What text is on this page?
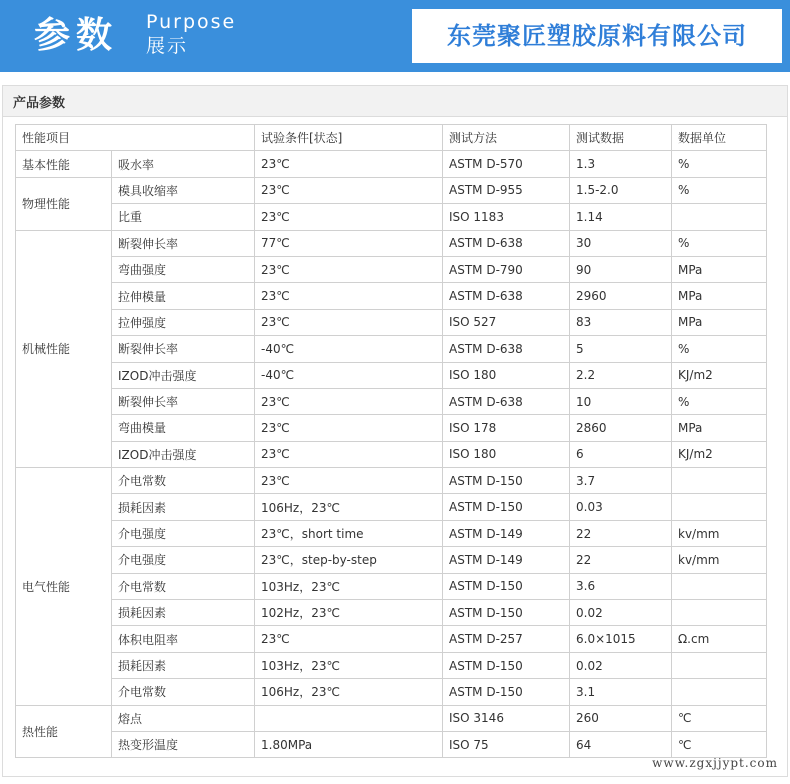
参数 Purpose
展示	东莞聚匠塑胶原料有限公司
产品参数
性能项目		试验条件[状态]	测试方法	测试数据	数据单位
基本性能	吸水率	23℃	ASTM D-570	1.3	%
物理性能	模具收缩率	23℃	ASTM D-955	1.5-2.0	%
	比重	23℃	ISO 1183	1.14	
机械性能	断裂伸长率	77℃	ASTM D-638	30	%
	弯曲强度	23℃	ASTM D-790	90	MPa
	拉伸模量	23℃	ASTM D-638	2960	MPa
	拉伸强度	23℃	ISO 527	83	MPa
	断裂伸长率	-40℃	ASTM D-638	5	%
	IZOD冲击强度	-40℃	ISO 180	2.2	KJ/m2
	断裂伸长率	23℃	ASTM D-638	10	%
	弯曲模量	23℃	ISO 178	2860	MPa
	IZOD冲击强度	23℃	ISO 180	6	KJ/m2
电气性能	介电常数	23℃	ASTM D-150	3.7	
	损耗因素	106Hz，23℃	ASTM D-150	0.03	
	介电强度	23℃，short time	ASTM D-149	22	kv/mm
	介电强度	23℃，step-by-step	ASTM D-149	22	kv/mm
	介电常数	103Hz，23℃	ASTM D-150	3.6	
	损耗因素	102Hz，23℃	ASTM D-150	0.02	
	体积电阻率	23℃	ASTM D-257	6.0×1015	Ω.cm
	损耗因素	103Hz，23℃	ASTM D-150	0.02	
	介电常数	106Hz，23℃	ASTM D-150	3.1	
热性能	熔点		ISO 3146	260	℃
	热变形温度	1.80MPa	ISO 75	64	℃
www.zgxjjypt.com
